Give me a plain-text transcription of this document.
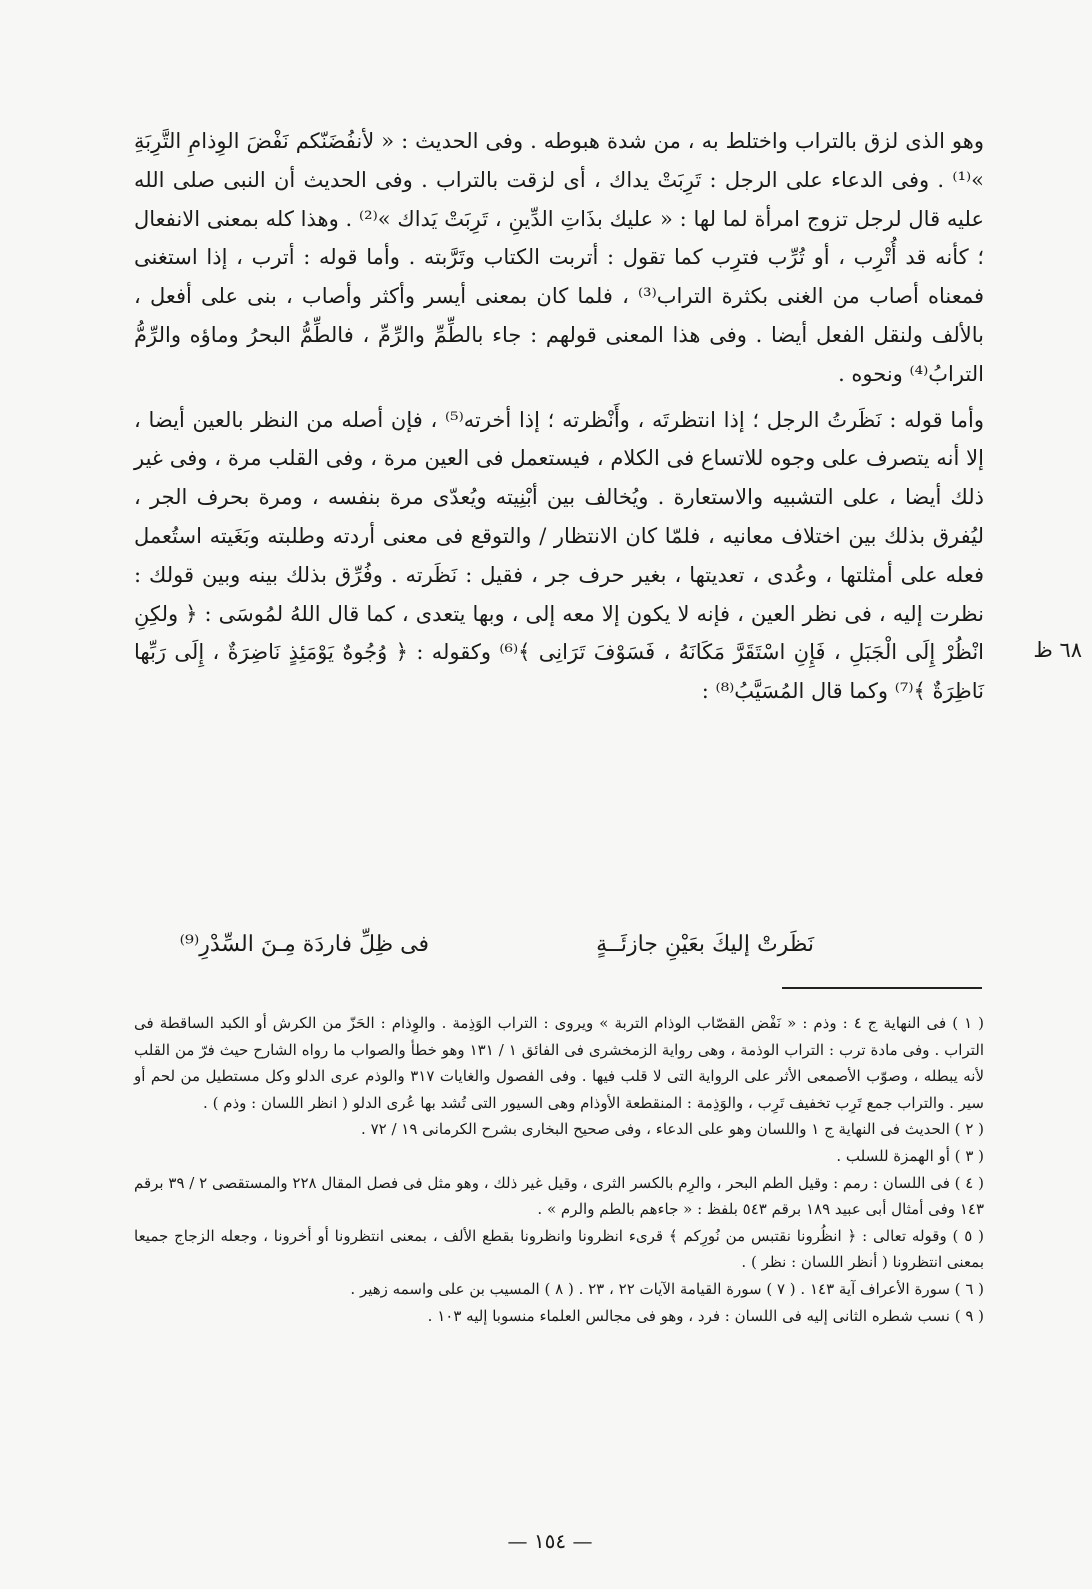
٦٨ ظ

وهو الذى لزق بالتراب واختلط به ، من شدة هبوطه . وفى الحديث : « لأنفُضَنّكم نَفْضَ الوِذامِ التَّرِبَةِ »⁽¹⁾ . وفى الدعاء على الرجل : تَرِبَتْ يداك ، أى لزقت بالتراب . وفى الحديث أن النبى صلى الله عليه قال لرجل تزوج امرأة لما لها : « عليك بذَاتِ الدِّينِ ، تَرِبَتْ يَداك »⁽²⁾ . وهذا كله بمعنى الانفعال ؛ كأنه قد أُتْرِب ، أو تُرِّب فترِب كما تقول : أتربت الكتاب وتَرَّبته . وأما قوله : أترب ، إذا استغنى فمعناه أصاب من الغنى بكثرة التراب⁽³⁾ ، فلما كان بمعنى أيسر وأكثر وأصاب ، بنى على أفعل ، بالألف ولنقل الفعل أيضا . وفى هذا المعنى قولهم : جاء بالطِّمِّ والرِّمِّ ، فالطِّمُّ البحرُ وماؤه والرِّمُّ الترابُ⁽⁴⁾ ونحوه .

وأما قوله : نَظَرتُ الرجل ؛ إذا انتظرتَه ، وأَنْظرته ؛ إذا أخرته⁽⁵⁾ ، فإن أصله من النظر بالعين أيضا ، إلا أنه يتصرف على وجوه للاتساع فى الكلام ، فيستعمل فى العين مرة ، وفى القلب مرة ، وفى غير ذلك أيضا ، على التشبيه والاستعارة . ويُخالف بين أبْنِيته ويُعدّى مرة بنفسه ، ومرة بحرف الجر ، ليُفرق بذلك بين اختلاف معانيه ، فلمّا كان الانتظار / والتوقع فى معنى أردته وطلبته وبَغَيته استُعمل فعله على أمثلتها ، وعُدى ، تعديتها ، بغير حرف جر ، فقيل : نَظَرته . وفُرِّق بذلك بينه وبين قولك : نظرت إليه ، فى نظر العين ، فإنه لا يكون إلا معه إلى ، وبها يتعدى ، كما قال اللهُ لمُوسَى : ﴿ ولكِنِ انْظُرْ إِلَى الْجَبَلِ ، فَإِنِ اسْتَقَرَّ مَكَانَهُ ، فَسَوْفَ تَرَانِى ﴾⁽⁶⁾ وكقوله : ﴿ وُجُوهٌ يَوْمَئِذٍ نَاضِرَةٌ ، إِلَى رَبِّها نَاظِرَةٌ ﴾⁽⁷⁾ وكما قال المُسَيَّبُ⁽⁸⁾ :

نَظَرتْ إليكَ بعَيْنِ جازئَــةٍ
فى ظِلِّ فاردَة مِـنَ السِّدْرِ⁽⁹⁾

( ١ ) فى النهاية ج ٤ : وذم : « نَفْض القصّاب الوذام التربة » ويروى : التراب الوَذِمة . والوِذام : الحَزّ من الكرش أو الكبد الساقطة فى التراب . وفى مادة ترب : التراب الوذمة ، وهى رواية الزمخشرى فى الفائق ١ / ١٣١ وهو خطأ والصواب ما رواه الشارح حيث فرّ من القلب لأنه يبطله ، وصوّب الأصمعى الأثر على الرواية التى لا قلب فيها . وفى الفصول والغايات ٣١٧ والوذم عرى الدلو وكل مستطيل من لحم أو سير . والتراب جمع تَرِب تخفيف تَرِب ، والوَذِمة : المنقطعة الأوذام وهى السيور التى تُشد بها عُرى الدلو ( انظر اللسان : وذم ) .

( ٢ ) الحديث فى النهاية ج ١ واللسان وهو على الدعاء ، وفى صحيح البخارى بشرح الكرمانى ١٩ / ٧٢ .

( ٣ ) أو الهمزة للسلب .

( ٤ ) فى اللسان : رمم : وقيل الطم البحر ، والرِم بالكسر الثرى ، وقيل غير ذلك ، وهو مثل فى فصل المقال ٢٢٨ والمستقصى ٢ / ٣٩ برقم ١٤٣ وفى أمثال أبى عبيد ١٨٩ برقم ٥٤٣ بلفظ : « جاءهم بالطم والرم » .

( ٥ ) وقوله تعالى : ﴿ انظُرونا نقتبس من نُورِكم ﴾ قرىء انظرونا وانظرونا بقطع الألف ، بمعنى انتظرونا أو أخرونا ، وجعله الزجاج جميعا بمعنى انتظرونا ( أنظر اللسان : نظر ) .

( ٦ ) سورة الأعراف آية ١٤٣ . ( ٧ ) سورة القيامة الآيات ٢٢ ، ٢٣ . ( ٨ ) المسيب بن على واسمه زهير .

( ٩ ) نسب شطره الثانى إليه فى اللسان : فرد ، وهو فى مجالس العلماء منسوبا إليه ١٠٣ .

— ١٥٤ —
